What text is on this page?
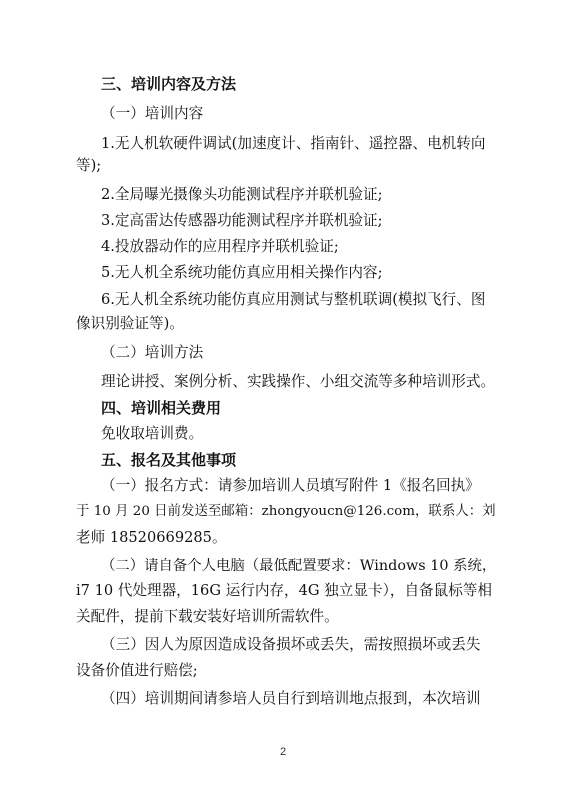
三、培训内容及方法
（一）培训内容
1.无人机软硬件调试(加速度计、指南针、遥控器、电机转向
等);
2.全局曝光摄像头功能测试程序并联机验证;
3.定高雷达传感器功能测试程序并联机验证;
4.投放器动作的应用程序并联机验证;
5.无人机全系统功能仿真应用相关操作内容;
6.无人机全系统功能仿真应用测试与整机联调(模拟飞行、图
像识别验证等)。
（二）培训方法
理论讲授、案例分析、实践操作、小组交流等多种培训形式。
四、培训相关费用
免收取培训费。
五、报名及其他事项
（一）报名方式：请参加培训人员填写附件 1《报名回执》
于 10 月 20 日前发送至邮箱：zhongyoucn@126.com，联系人：刘
老师 18520669285。
（二）请自备个人电脑（最低配置要求：Windows 10 系统，
i7 10 代处理器，16G 运行内存，4G 独立显卡），自备鼠标等相
关配件，提前下载安装好培训所需软件。
（三）因人为原因造成设备损坏或丢失，需按照损坏或丢失
设备价值进行赔偿;
（四）培训期间请参培人员自行到培训地点报到，本次培训
2
